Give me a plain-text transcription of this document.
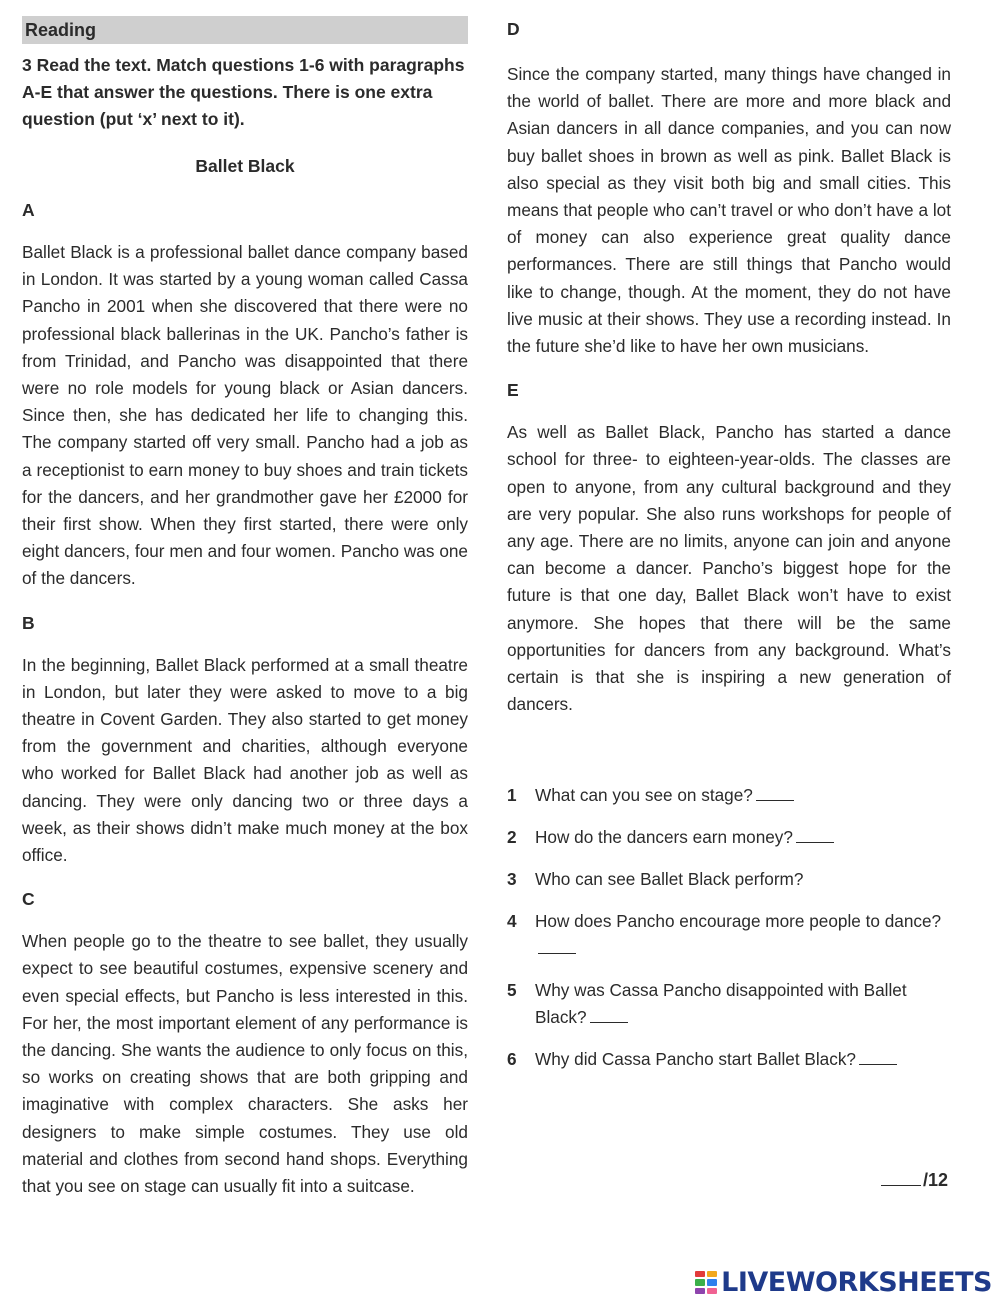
Reading
3 Read the text. Match questions 1-6 with paragraphs A-E that answer the questions. There is one extra question (put ‘x’ next to it).
Ballet Black
A

Ballet Black is a professional ballet dance company based in London. It was started by a young woman called Cassa Pancho in 2001 when she discovered that there were no professional black ballerinas in the UK. Pancho’s father is from Trinidad, and Pancho was disappointed that there were no role models for young black or Asian dancers. Since then, she has dedicated her life to changing this. The company started off very small. Pancho had a job as a receptionist to earn money to buy shoes and train tickets for the dancers, and her grandmother gave her £2000 for their first show. When they first started, there were only eight dancers, four men and four women. Pancho was one of the dancers.

B

In the beginning, Ballet Black performed at a small theatre in London, but later they were asked to move to a big theatre in Covent Garden. They also started to get money from the government and charities, although everyone who worked for Ballet Black had another job as well as dancing. They were only dancing two or three days a week, as their shows didn’t make much money at the box office.

C

When people go to the theatre to see ballet, they usually expect to see beautiful costumes, expensive scenery and even special effects, but Pancho is less interested in this. For her, the most important element of any performance is the dancing. She wants the audience to only focus on this, so works on creating shows that are both gripping and imaginative with complex characters. She asks her designers to make simple costumes. They use old material and clothes from second hand shops. Everything that you see on stage can usually fit into a suitcase.

D

Since the company started, many things have changed in the world of ballet. There are more and more black and Asian dancers in all dance companies, and you can now buy ballet shoes in brown as well as pink. Ballet Black is also special as they visit both big and small cities. This means that people who can’t travel or who don’t have a lot of money can also experience great quality dance performances. There are still things that Pancho would like to change, though. At the moment, they do not have live music at their shows. They use a recording instead. In the future she’d like to have her own musicians.

E

As well as Ballet Black, Pancho has started a dance school for three- to eighteen-year-olds. The classes are open to anyone, from any cultural background and they are very popular. She also runs workshops for people of any age. There are no limits, anyone can join and anyone can become a dancer. Pancho’s biggest hope for the future is that one day, Ballet Black won’t have to exist anymore. She hopes that there will be the same opportunities for dancers from any background. What’s certain is that she is inspiring a new generation of dancers.

1 What can you see on stage?
2 How do the dancers earn money?
3 Who can see Ballet Black perform?
4 How does Pancho encourage more people to dance?
5 Why was Cassa Pancho disappointed with Ballet Black?
6 Why did Cassa Pancho start Ballet Black?
/12
LIVEWORKSHEETS
